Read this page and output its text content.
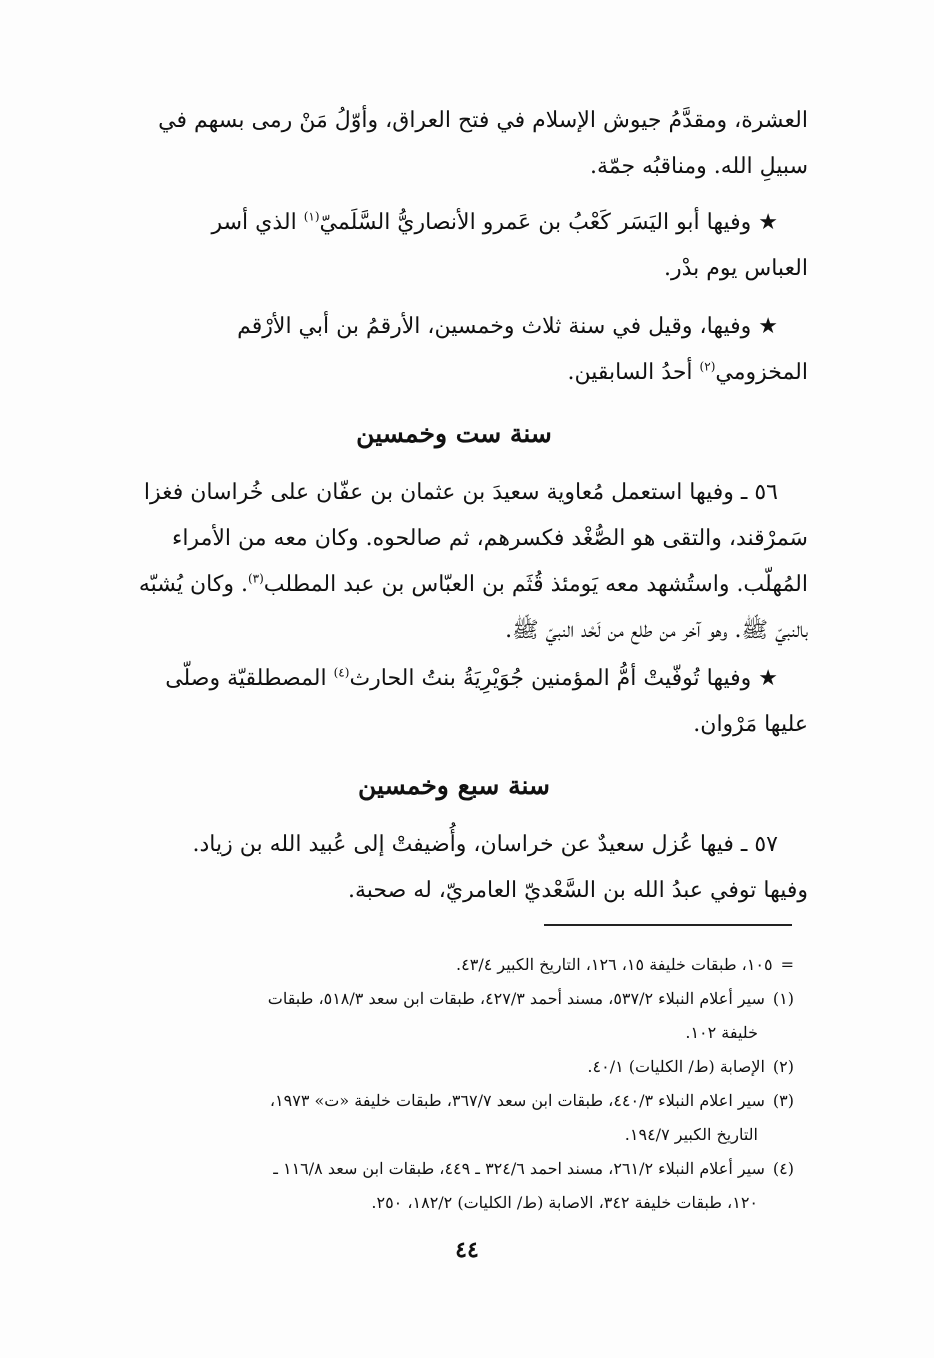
العشرة، ومقدَّمُ جيوش الإسلام في فتح العراق، وأوّلُ مَنْ رمى بسهم في

سبيلِ الله. ومناقبُه جمّة.

★ وفيها أبو اليَسَر كَعْبُ بن عَمرو الأنصاريُّ السَّلَميّ$^{(١)}$ الذي أسر

العباس يوم بدْر.

★ وفيها، وقيل في سنة ثلاث وخمسين، الأرقمُ بن أبي الأرْقم

المخزومي$^{(٢)}$ أحدُ السابقين.

سنة ست وخمسين

٥٦ ـ وفيها استعمل مُعاوية سعيدَ بن عثمان بن عفّان على خُراسان فغزا

سَمرْقند، والتقى هو الصُّغْد فكسرهم، ثم صالحوه. وكان معه من الأمراء

المُهلّب. واستُشهد معه يَومئذ قُثَم بن العبّاس بن عبد المطلب$^{(٣)}$. وكان يُشبّه

بالنبيّ ﷺ. وهو آخر من طلع من لَحْد النبيّ ﷺ.

★ وفيها تُوفّيتْ أمُّ المؤمنين جُوَيْرِيَةُ بنتُ الحارث$^{(٤)}$ المصطلقيّة وصلّى

عليها مَرْوان.

سنة سبع وخمسين

٥٧ ـ فيها عُزل سعيدٌ عن خراسان، وأُضيفتْ إلى عُبيد الله بن زياد.

وفيها توفي عبدُ الله بن السَّعْديّ العامريّ، له صحبة.

=١٠٥، طبقات خليفة ١٥، ١٢٦، التاريخ الكبير ٤٣/٤.

(١)سير أعلام النبلاء ٥٣٧/٢، مسند أحمد ٤٢٧/٣، طبقات ابن سعد ٥١٨/٣، طبقات

خليفة ١٠٢.

(٢)الإصابة (ط/ الكليات) ٤٠/١.

(٣)سير اعلام النبلاء ٤٤٠/٣، طبقات ابن سعد ٣٦٧/٧، طبقات خليفة «ت» ١٩٧٣،

التاريخ الكبير ١٩٤/٧.

(٤)سير أعلام النبلاء ٢٦١/٢، مسند احمد ٣٢٤/٦ ـ ٤٤٩، طبقات ابن سعد ١١٦/٨ ـ

١٢٠، طبقات خليفة ٣٤٢، الاصابة (ط/ الكليات) ١٨٢/٢، ٢٥٠.

٤٤
